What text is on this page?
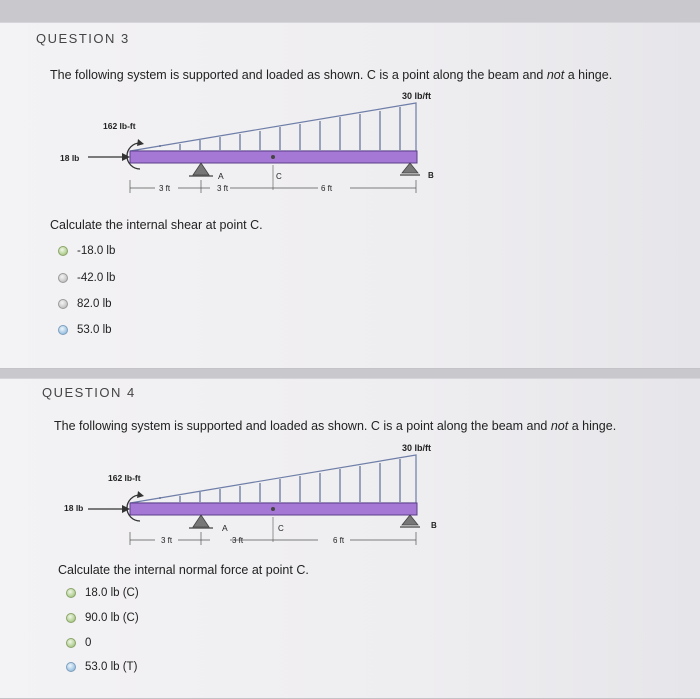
QUESTION 3
The following system is supported and loaded as shown. C is a point along the beam and not a hinge.
30 lb/ft
162 lb-ft
18 lb
A	C	B
3 ft	3 ft	6 ft
Calculate the internal shear at point C.
-18.0 lb
-42.0 lb
82.0 lb
53.0 lb
QUESTION 4
The following system is supported and loaded as shown. C is a point along the beam and not a hinge.
30 lb/ft
162 lb-ft
18 lb
A	C	B
3 ft	3 ft	6 ft
Calculate the internal normal force at point C.
18.0 lb (C)
90.0 lb (C)
0
53.0 lb (T)
